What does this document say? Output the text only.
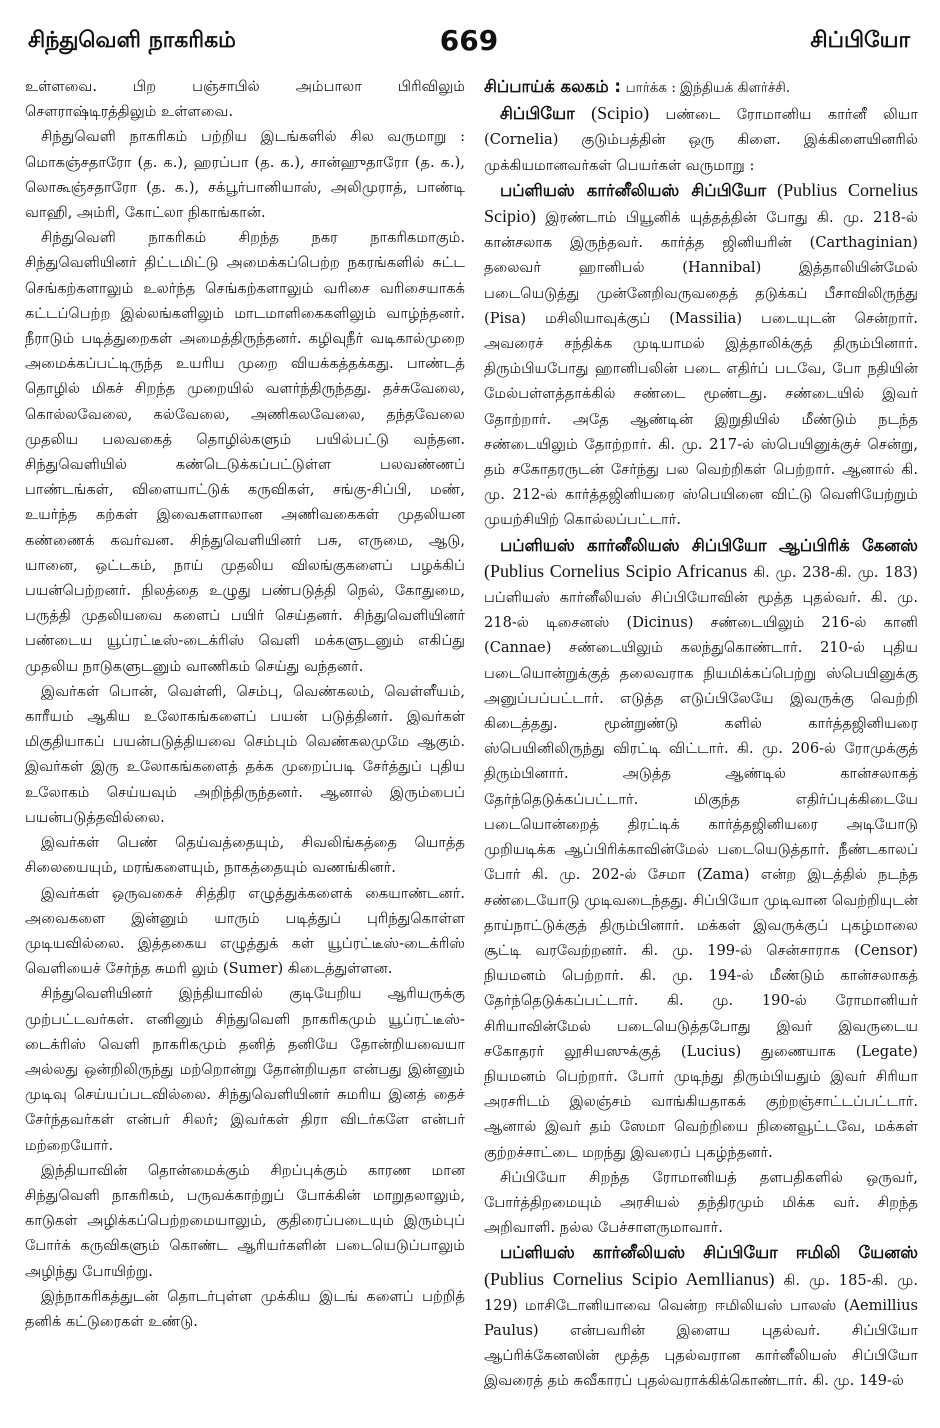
சிந்துவெளி நாகரிகம்	669	சிப்பியோ

உள்ளவை. பிற பஞ்சாபில் அம்பாலா பிரிவிலும் சௌராஷ்டிரத்திலும் உள்ளவை.

சிந்துவெளி நாகரிகம் பற்றிய இடங்களில் சில வருமாறு : மொகஞ்சதாரோ (த. க.), ஹரப்பா (த. க.), சான்ஹுதாரோ (த. க.), லொகூஞ்சதாரோ (த. க.), சக்பூர்பானியாஸ், அலிமுராத், பாண்டி வாஹி, அம்ரி, கோட்லா நிகாங்கான்.

சிந்துவெளி நாகரிகம் சிறந்த நகர நாகரிகமாகும். சிந்துவெளியினர் திட்டமிட்டு அமைக்கப்பெற்ற நகரங்களில் சுட்ட செங்கற்களாலும் உலர்ந்த செங்கற்களாலும் வரிசை வரிசையாகக் கட்டப்பெற்ற இல்லங்களிலும் மாடமாளிகைகளிலும் வாழ்ந்தனர். நீராடும் படித்துறைகள் அமைத்திருந்தனர். கழிவுநீர் வடிகால்முறை அமைக்கப்பட்டிருந்த உயரிய முறை வியக்கத்தக்கது. பாண்டத் தொழில் மிகச் சிறந்த முறையில் வளர்ந்திருந்தது. தச்சுவேலை, கொல்லவேலை, கல்வேலை, அணிகலவேலை, தந்தவேலை முதலிய பலவகைத் தொழில்களும் பயில்பட்டு வந்தன. சிந்துவெளியில் கண்டெடுக்கப்பட்டுள்ள பலவண்ணப் பாண்டங்கள், விளையாட்டுக் கருவிகள், சங்கு-சிப்பி, மண், உயர்ந்த கற்கள் இவைகளாலான அணிவகைகள் முதலியன கண்ணைக் கவர்வன. சிந்துவெளியினர் பசு, எருமை, ஆடு, யானை, ஒட்டகம், நாய் முதலிய விலங்குகளைப் பழக்கிப் பயன்பெற்றனர். நிலத்தை உழுது பண்படுத்தி நெல், கோதுமை, பருத்தி முதலியவை களைப் பயிர் செய்தனர். சிந்துவெளியினர் பண்டைய யூப்ரட்டீஸ்-டைக்ரிஸ் வெளி மக்களுடனும் எகிப்து முதலிய நாடுகளுடனும் வாணிகம் செய்து வந்தனர்.

இவர்கள் பொன், வெள்ளி, செம்பு, வெண்கலம், வெள்ளீயம், காரீயம் ஆகிய உலோகங்களைப் பயன் படுத்தினர். இவர்கள் மிகுதியாகப் பயன்படுத்தியவை செம்பும் வெண்கலமுமே ஆகும். இவர்கள் இரு உலோகங்களைத் தக்க முறைப்படி சேர்த்துப் புதிய உலோகம் செய்யவும் அறிந்திருந்தனர். ஆனால் இரும்பைப் பயன்படுத்தவில்லை.

இவர்கள் பெண் தெய்வத்தையும், சிவலிங்கத்தை யொத்த சிலையையும், மரங்களையும், நாகத்தையும் வணங்கினர்.

இவர்கள் ஒருவகைச் சித்திர எழுத்துக்களைக் கையாண்டனர். அவைகளை இன்னும் யாரும் படித்துப் புரிந்துகொள்ள முடியவில்லை. இத்தகைய எழுத்துக் கள் யூப்ரட்டீஸ்-டைக்ரிஸ் வெளியைச் சேர்ந்த சுமரி லும் (Sumer) கிடைத்துள்ளன.

சிந்துவெளியினர் இந்தியாவில் குடியேறிய ஆரியருக்கு முற்பட்டவர்கள். எனினும் சிந்துவெளி நாகரிகமும் யூப்ரட்டீஸ்-டைக்ரிஸ் வெளி நாகரிகமும் தனித் தனியே தோன்றியவையா அல்லது ஒன்றிலிருந்து மற்றொன்று தோன்றியதா என்பது இன்னும் முடிவு செய்யப்படவில்லை. சிந்துவெளியினர் சுமரிய இனத் தைச் சேர்ந்தவர்கள் என்பர் சிலர்; இவர்கள் திரா விடர்களே என்பர் மற்றையோர்.

இந்தியாவின் தொன்மைக்கும் சிறப்புக்கும் காரண மான சிந்துவெளி நாகரிகம், பருவக்காற்றுப் போக்கின் மாறுதலாலும், காடுகள் அழிக்கப்பெற்றமையாலும், குதிரைப்படையும் இரும்புப் போர்க் கருவிகளும் கொண்ட ஆரியர்களின் படையெடுப்பாலும் அழிந்து போயிற்று.

இந்நாகரிகத்துடன் தொடர்புள்ள முக்கிய இடங் களைப் பற்றித் தனிக் கட்டுரைகள் உண்டு.

சிப்பாய்க் கலகம் : பார்க்க : இந்தியக் கிளர்ச்சி.

சிப்பியோ (Scipio) பண்டை ரோமானிய கார்னீ லியா (Cornelia) குடும்பத்தின் ஒரு கிளை. இக்கிளையினரில் முக்கியமானவர்கள் பெயர்கள் வருமாறு :

பப்ளியஸ் கார்னீலியஸ் சிப்பியோ (Publius Cornelius Scipio) இரண்டாம் பியூனிக் யுத்தத்தின் போது கி. மு. 218-ல் கான்சலாக இருந்தவர். கார்த்த ஜினியரின் (Carthaginian) தலைவர் ஹானிபல் (Hannibal) இத்தாலியின்மேல் படையெடுத்து முன்னேறிவருவதைத் தடுக்கப் பீசாவிலிருந்து (Pisa) மசிலியாவுக்குப் (Massilia) படையுடன் சென்றார். அவரைச் சந்திக்க முடியாமல் இத்தாலிக்குத் திரும்பினார். திரும்பியபோது ஹானிபலின் படை எதிர்ப் படவே, போ நதியின் மேல்பள்ளத்தாக்கில் சண்டை மூண்டது. சண்டையில் இவர் தோற்றார். அதே ஆண்டின் இறுதியில் மீண்டும் நடந்த சண்டையிலும் தோற்றார். கி. மு. 217-ல் ஸ்பெயினுக்குச் சென்று, தம் சகோதரருடன் சேர்ந்து பல வெற்றிகள் பெற்றார். ஆனால் கி. மு. 212-ல் கார்த்தஜினியரை ஸ்பெயினை விட்டு வெளியேற்றும் முயற்சியிற் கொல்லப்பட்டார்.

பப்ளியஸ் கார்னீலியஸ் சிப்பியோ ஆப்பிரிக் கேனஸ் (Publius Cornelius Scipio Africanus கி. மு. 238-கி. மு. 183) பப்ளியஸ் கார்னீலியஸ் சிப்பியோவின் மூத்த புதல்வர். கி. மு. 218-ல் டிசைனஸ் (Dicinus) சண்டையிலும் 216-ல் கானி (Cannae) சண்டையிலும் கலந்துகொண்டார். 210-ல் புதிய படையொன்றுக்குத் தலைவராக நியமிக்கப்பெற்று ஸ்பெயினுக்கு அனுப்பப்பட்டார். எடுத்த எடுப்பிலேயே இவருக்கு வெற்றி கிடைத்தது. மூன்றுண்டு களில் கார்த்தஜினியரை ஸ்பெயினிலிருந்து விரட்டி விட்டார். கி. மு. 206-ல் ரோமுக்குத் திரும்பினார். அடுத்த ஆண்டில் கான்சலாகத் தேர்ந்தெடுக்கப்பட்டார். மிகுந்த எதிர்ப்புக்கிடையே படையொன்றைத் திரட்டிக் கார்த்தஜினியரை அடியோடு முறியடிக்க ஆப்பிரிக்காவின்மேல் படையெடுத்தார். நீண்டகாலப் போர் கி. மு. 202-ல் சேமா (Zama) என்ற இடத்தில் நடந்த சண்டையோடு முடிவடைந்தது. சிப்பியோ முடிவான வெற்றியுடன் தாய்நாட்டுக்குத் திரும்பினார். மக்கள் இவருக்குப் புகழ்மாலை சூட்டி வரவேற்றனர். கி. மு. 199-ல் சென்சாராக (Censor) நியமனம் பெற்றார். கி. மு. 194-ல் மீண்டும் கான்சலாகத் தேர்ந்தெடுக்கப்பட்டார். கி. மு. 190-ல் ரோமானியர் சிரியாவின்மேல் படையெடுத்தபோது இவர் இவருடைய சகோதரர் லூசியஸுக்குத் (Lucius) துணையாக (Legate) நியமனம் பெற்றார். போர் முடிந்து திரும்பியதும் இவர் சிரியா அரசரிடம் இலஞ்சம் வாங்கியதாகக் குற்றஞ்சாட்டப்பட்டார். ஆனால் இவர் தம் ஸேமா வெற்றியை நினைவூட்டவே, மக்கள் குற்றச்சாட்டை மறந்து இவரைப் புகழ்ந்தனர்.

சிப்பியோ சிறந்த ரோமானியத் தளபதிகளில் ஒருவர், போர்த்திறமையும் அரசியல் தந்திரமும் மிக்க வர். சிறந்த அறிவாளி. நல்ல பேச்சாளருமாவார்.

பப்ளியஸ் கார்னீலியஸ் சிப்பியோ ஈமிலி யேனஸ் (Publius Cornelius Scipio Aemllianus) கி. மு. 185-கி. மு. 129) மாசிடோனியாவை வென்ற ஈமிலியஸ் பாலஸ் (Aemillius Paulus) என்பவரின் இளைய புதல்வர். சிப்பியோ ஆப்ரிக்கேனஸின் மூத்த புதல்வரான கார்னீலியஸ் சிப்பியோ இவரைத் தம் சுவீகாரப் புதல்வராக்கிக்கொண்டார். கி. மு. 149-ல்
